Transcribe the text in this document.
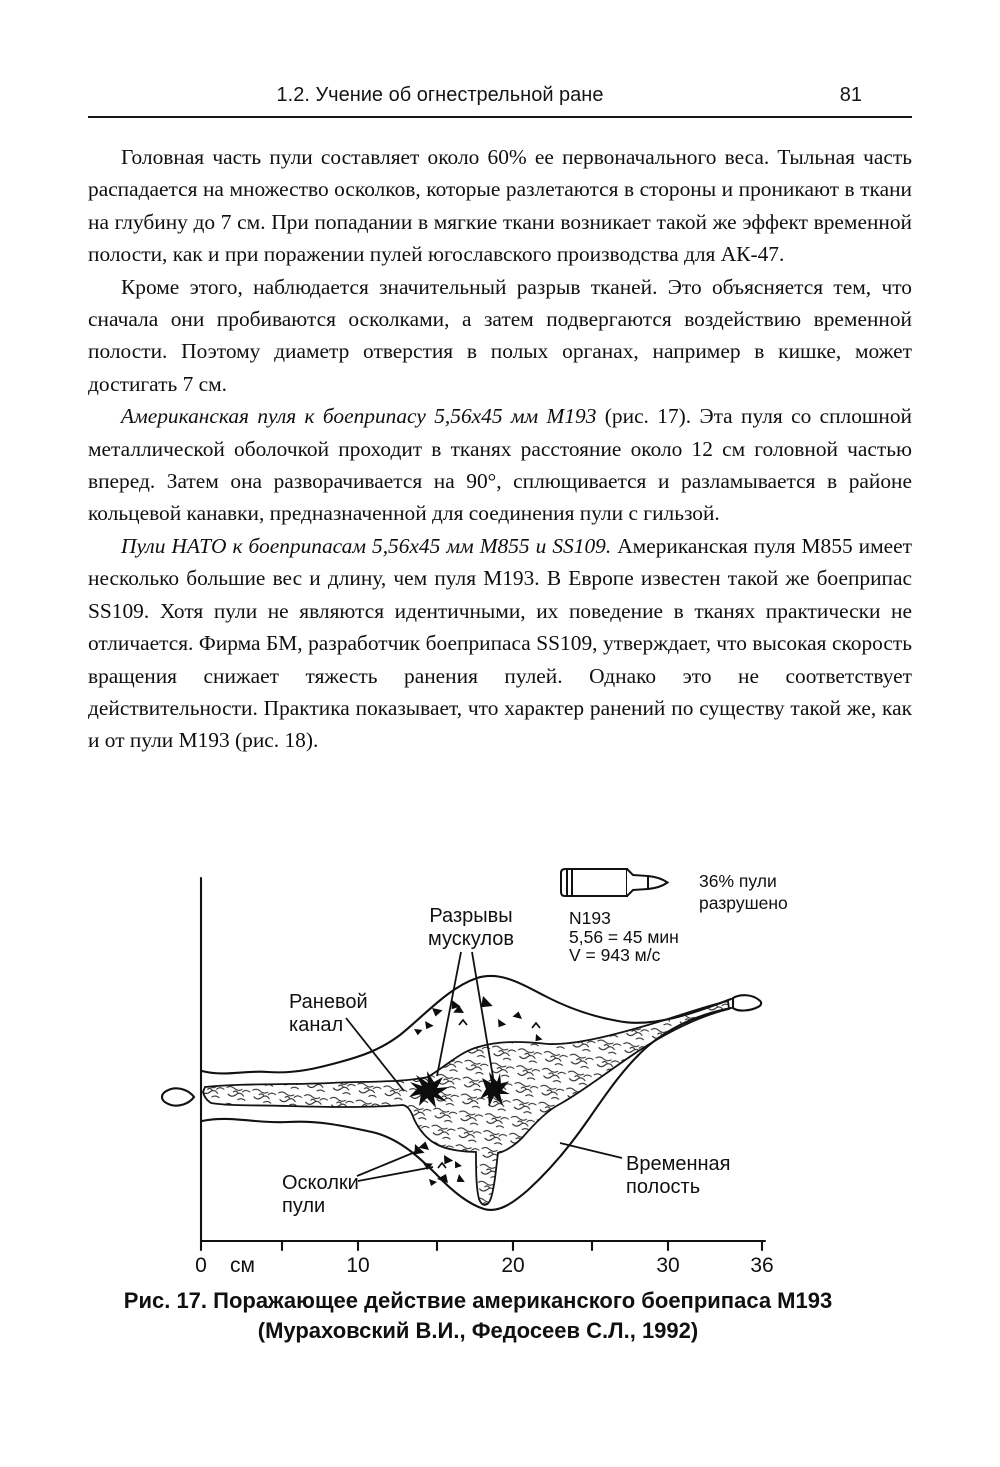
1.2. Учение об огнестрельной ране	81

Головная часть пули составляет около 60% ее первоначального веса. Тыльная часть распадается на множество осколков, которые разлетаются в стороны и проникают в ткани на глубину до 7 см. При попадании в мягкие ткани возникает такой же эффект временной полости, как и при поражении пулей югославского производства для АК-47.

Кроме этого, наблюдается значительный разрыв тканей. Это объясняется тем, что сначала они пробиваются осколками, а затем подвергаются воздействию временной полости. Поэтому диаметр отверстия в полых органах, например в кишке, может достигать 7 см.

Американская пуля к боеприпасу 5,56х45 мм М193 (рис. 17). Эта пуля со сплошной металлической оболочкой проходит в тканях расстояние около 12 см головной частью вперед. Затем она разворачивается на 90°, сплющивается и разламывается в районе кольцевой канавки, предназначенной для соединения пули с гильзой.

Пули НАТО к боеприпасам 5,56х45 мм М855 и SS109. Американская пуля М855 имеет несколько большие вес и длину, чем пуля М193. В Европе известен такой же боеприпас SS109. Хотя пули не являются идентичными, их поведение в тканях практически не отличается. Фирма БМ, разработчик боеприпаса SS109, утверждает, что высокая скорость вращения снижает тяжесть ранения пулей. Однако это не соответствует действительности. Практика показывает, что характер ранений по существу такой же, как и от пули М193 (рис. 18).

0 см	10	20	30	36
Разрывы
мускулов
Раневой
канал
Осколки
пули
Временная
полость
N193
5,56 = 45 мин
V = 943 м/с
36% пули
разрушено
Рис. 17. Поражающее действие американского боеприпаса М193
(Мураховский В.И., Федосеев С.Л., 1992)
